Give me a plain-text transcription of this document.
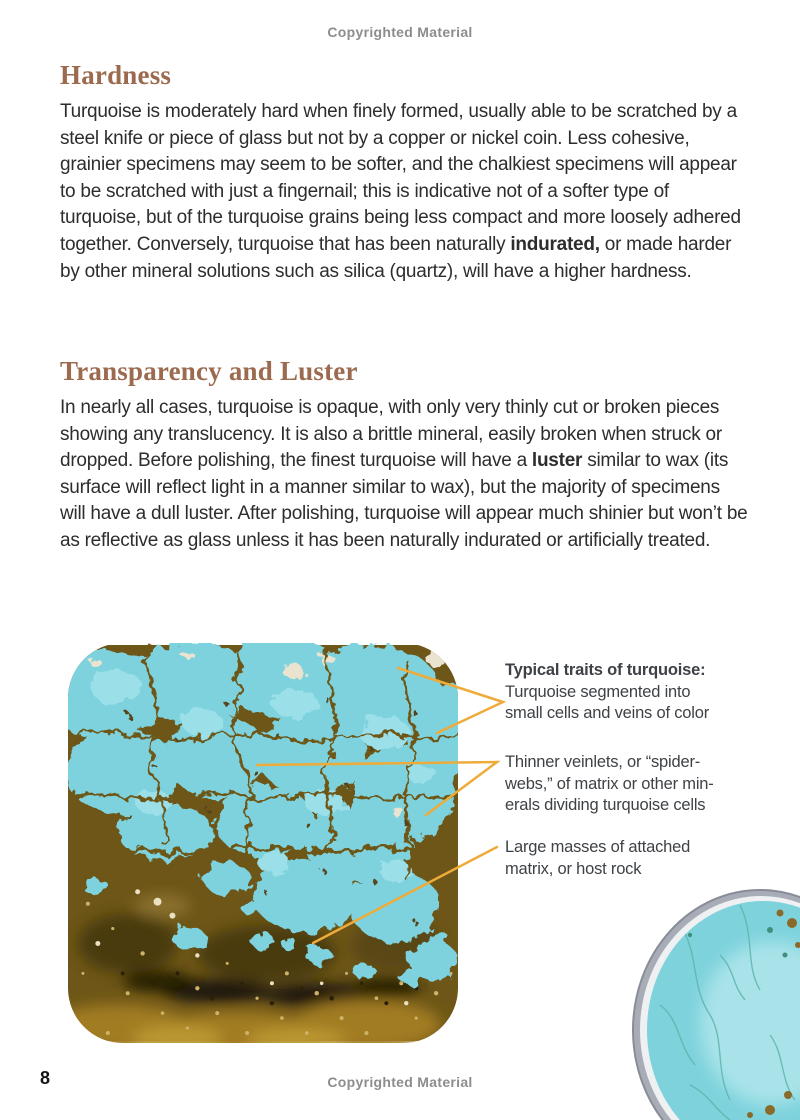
Copyrighted Material
Hardness

Turquoise is moderately hard when finely formed, usually able to be scratched by a steel knife or piece of glass but not by a copper or nickel coin. Less cohesive, grainier specimens may seem to be softer, and the chalkiest specimens will appear to be scratched with just a fingernail; this is indicative not of a softer type of turquoise, but of the turquoise grains being less compact and more loosely adhered together. Conversely, turquoise that has been naturally indurated, or made harder by other mineral solutions such as silica (quartz), will have a higher hardness.

Transparency and Luster

In nearly all cases, turquoise is opaque, with only very thinly cut or broken pieces showing any translucency. It is also a brittle mineral, easily broken when struck or dropped. Before polishing, the finest turquoise will have a luster similar to wax (its surface will reflect light in a manner similar to wax), but the majority of specimens will have a dull luster. After polishing, turquoise will appear much shinier but won’t be as reflective as glass unless it has been naturally indurated or artificially treated.

Typical traits of turquoise:
Turquoise segmented into
small cells and veins of color
Thinner veinlets, or “spider-
webs,” of matrix or other min-
erals dividing turquoise cells
Large masses of attached
matrix, or host rock
8	Copyrighted Material
